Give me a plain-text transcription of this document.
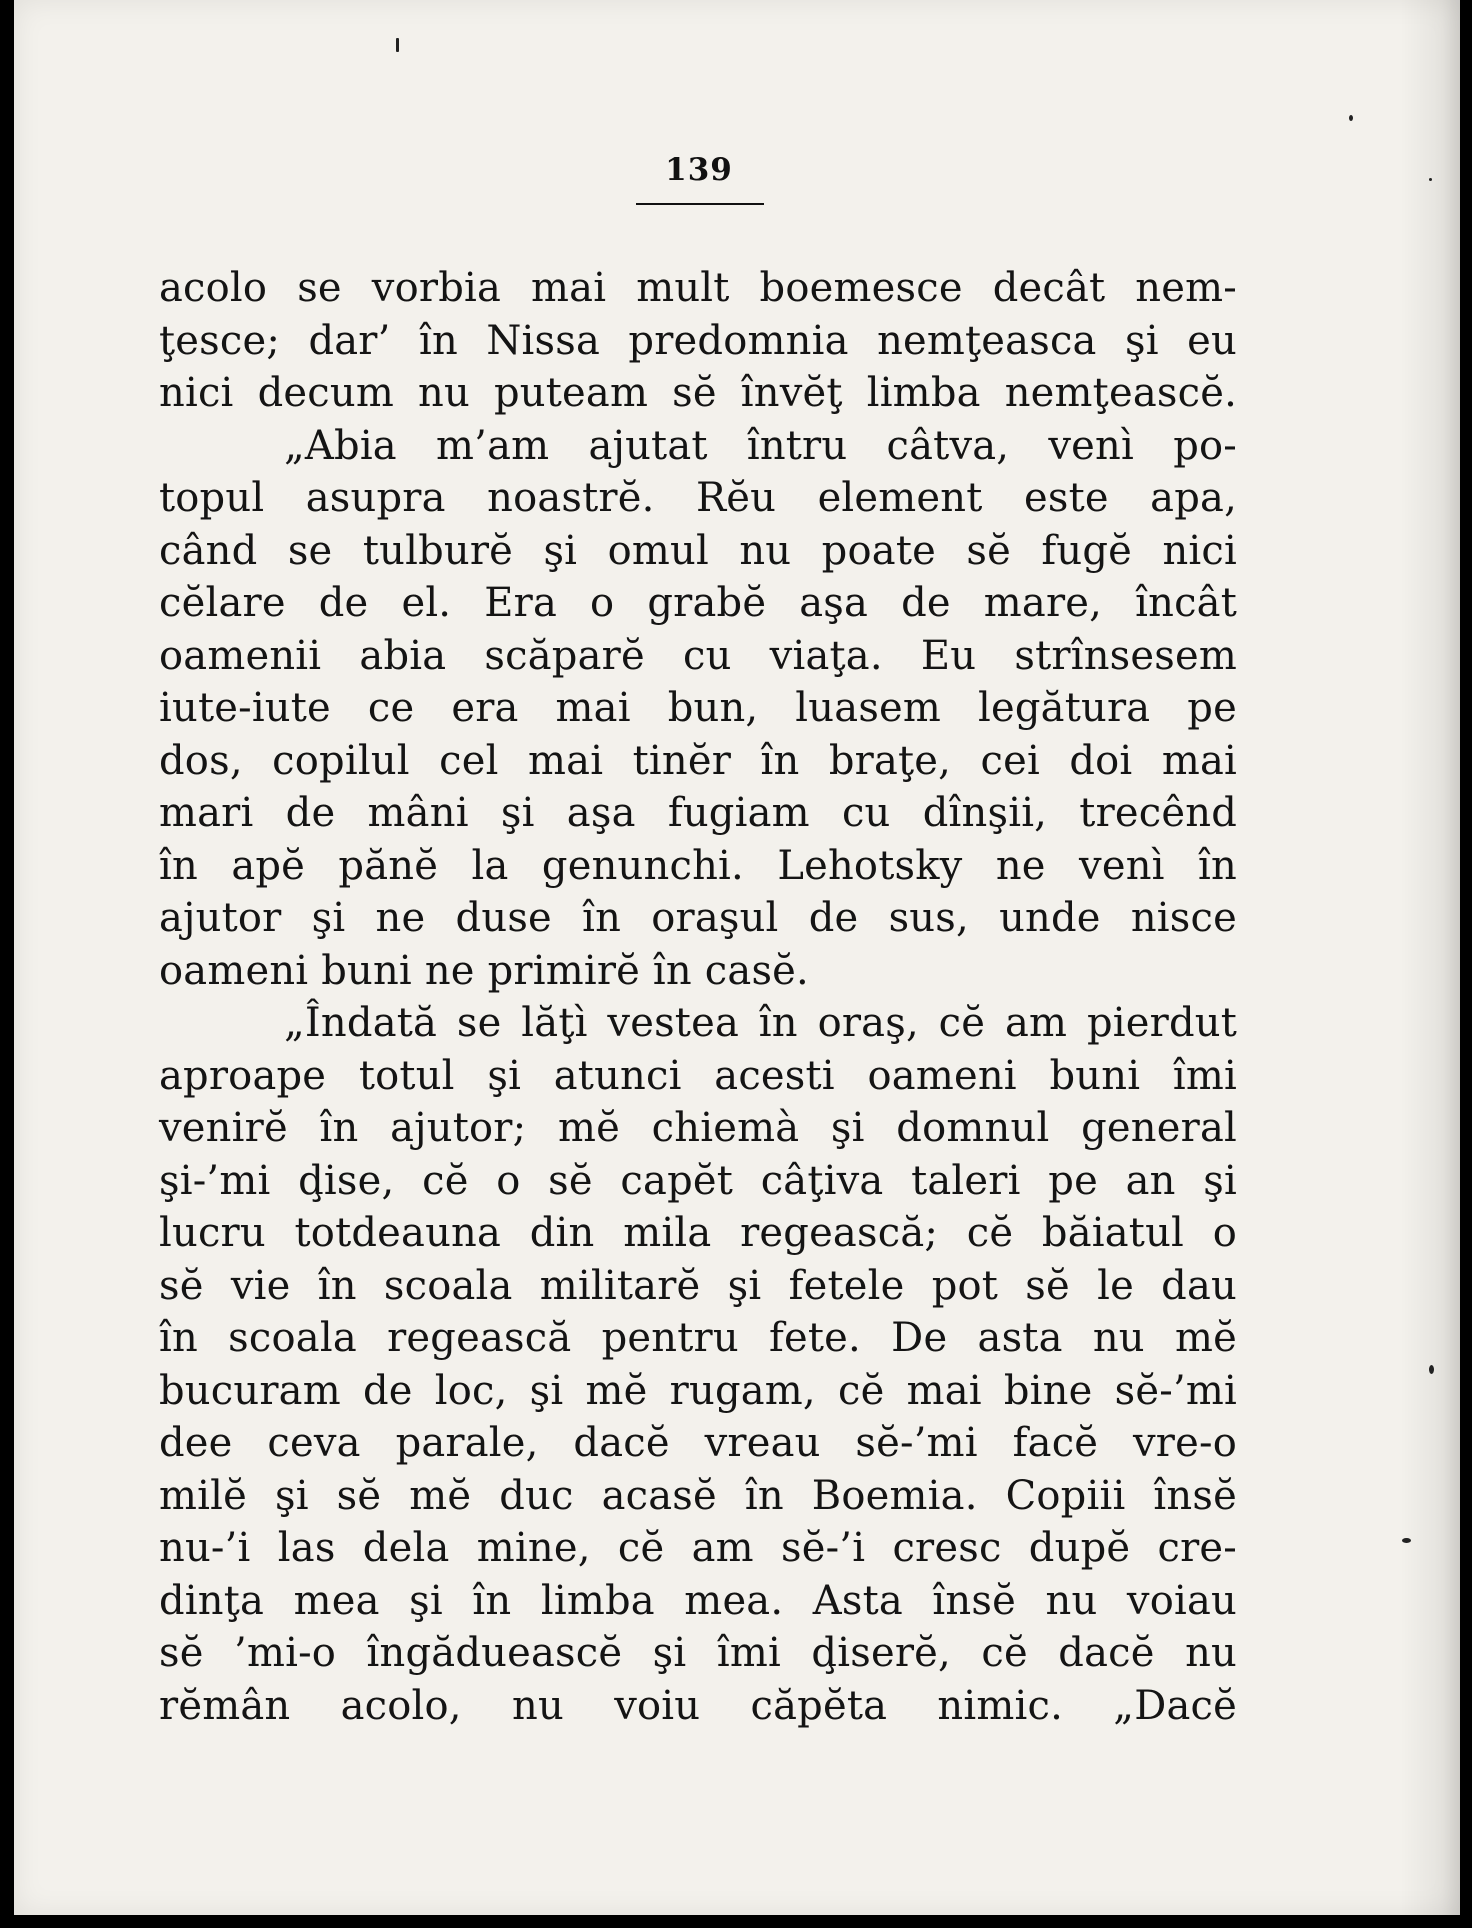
139
acolo se vorbia mai mult boemesce decât nem-
ţesce; dar’ în Nissa predomnia nemţeasca şi eu
nici decum nu puteam sĕ învĕţ limba nemţeascĕ.
„Abia m’am ajutat întru câtva, venì po-
topul asupra noastrĕ. Rĕu element este apa,
când se tulburĕ şi omul nu poate sĕ fugĕ nici
cĕlare de el. Era o grabĕ aşa de mare, încât
oamenii abia scăparĕ cu viaţa. Eu strînsesem
iute-iute ce era mai bun, luasem legătura pe
dos, copilul cel mai tinĕr în braţe, cei doi mai
mari de mâni şi aşa fugiam cu dînşii, trecênd
în apĕ pănĕ la genunchi. Lehotsky ne venì în
ajutor şi ne duse în oraşul de sus, unde nisce
oameni buni ne primirĕ în casĕ.
„Îndată se lăţì vestea în oraş, cĕ am pierdut
aproape totul şi atunci acesti oameni buni îmi
venirĕ în ajutor; mĕ chiemà şi domnul general
şi-’mi ḑise, cĕ o sĕ capĕt câţiva taleri pe an şi
lucru totdeauna din mila regească; cĕ băiatul o
sĕ vie în scoala militarĕ şi fetele pot sĕ le dau
în scoala regească pentru fete. De asta nu mĕ
bucuram de loc, şi mĕ rugam, cĕ mai bine sĕ-’mi
dee ceva parale, dacĕ vreau sĕ-’mi facĕ vre-o
milĕ şi sĕ mĕ duc acasĕ în Boemia. Copiii însĕ
nu-’i las dela mine, cĕ am sĕ-’i cresc dupĕ cre-
dinţa mea şi în limba mea. Asta însĕ nu voiau
sĕ ’mi-o îngădueascĕ şi îmi ḑiserĕ, cĕ dacĕ nu
rĕmân acolo, nu voiu căpĕta nimic. „Dacĕ
